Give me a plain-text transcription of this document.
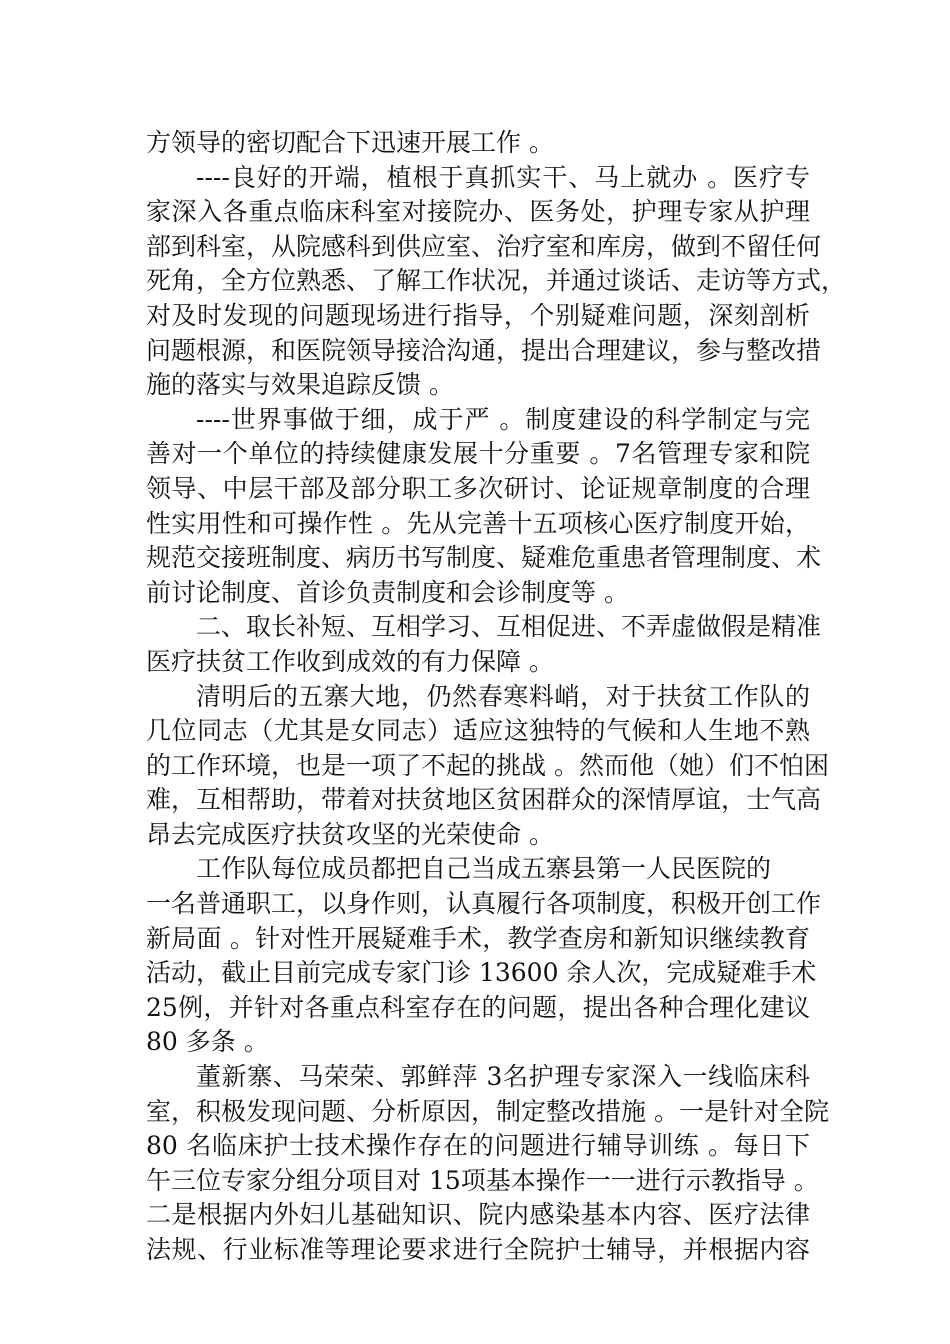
方领导的密切配合下迅速开展工作 。
----良好的开端，植根于真抓实干、马上就办 。医疗专
家深入各重点临床科室对接院办、医务处，护理专家从护理
部到科室，从院感科到供应室、治疗室和库房，做到不留任何
死角，全方位熟悉、了解工作状况，并通过谈话、走访等方式，
对及时发现的问题现场进行指导，个别疑难问题，深刻剖析
问题根源，和医院领导接洽沟通，提出合理建议，参与整改措
施的落实与效果追踪反馈 。
----世界事做于细，成于严 。制度建设的科学制定与完
善对一个单位的持续健康发展十分重要 。7名管理专家和院
领导、中层干部及部分职工多次研讨、论证规章制度的合理
性实用性和可操作性 。先从完善十五项核心医疗制度开始，
规范交接班制度、病历书写制度、疑难危重患者管理制度、术
前讨论制度、首诊负责制度和会诊制度等 。
二、取长补短、互相学习、互相促进、不弄虚做假是精准
医疗扶贫工作收到成效的有力保障 。
清明后的五寨大地，仍然春寒料峭，对于扶贫工作队的
几位同志（尤其是女同志）适应这独特的气候和人生地不熟
的工作环境，也是一项了不起的挑战 。然而他（她）们不怕困
难，互相帮助，带着对扶贫地区贫困群众的深情厚谊，士气高
昂去完成医疗扶贫攻坚的光荣使命 。
工作队每位成员都把自己当成五寨县第一人民医院的
一名普通职工，以身作则，认真履行各项制度，积极开创工作
新局面 。针对性开展疑难手术，教学查房和新知识继续教育
活动，截止目前完成专家门诊 13600 余人次，完成疑难手术
25例，并针对各重点科室存在的问题，提出各种合理化建议
80 多条 。
董新寨、马荣荣、郭鲜萍 3名护理专家深入一线临床科
室，积极发现问题、分析原因，制定整改措施 。一是针对全院
80 名临床护士技术操作存在的问题进行辅导训练 。每日下
午三位专家分组分项目对 15项基本操作一一进行示教指导 。
二是根据内外妇儿基础知识、院内感染基本内容、医疗法律
法规、行业标准等理论要求进行全院护士辅导，并根据内容
